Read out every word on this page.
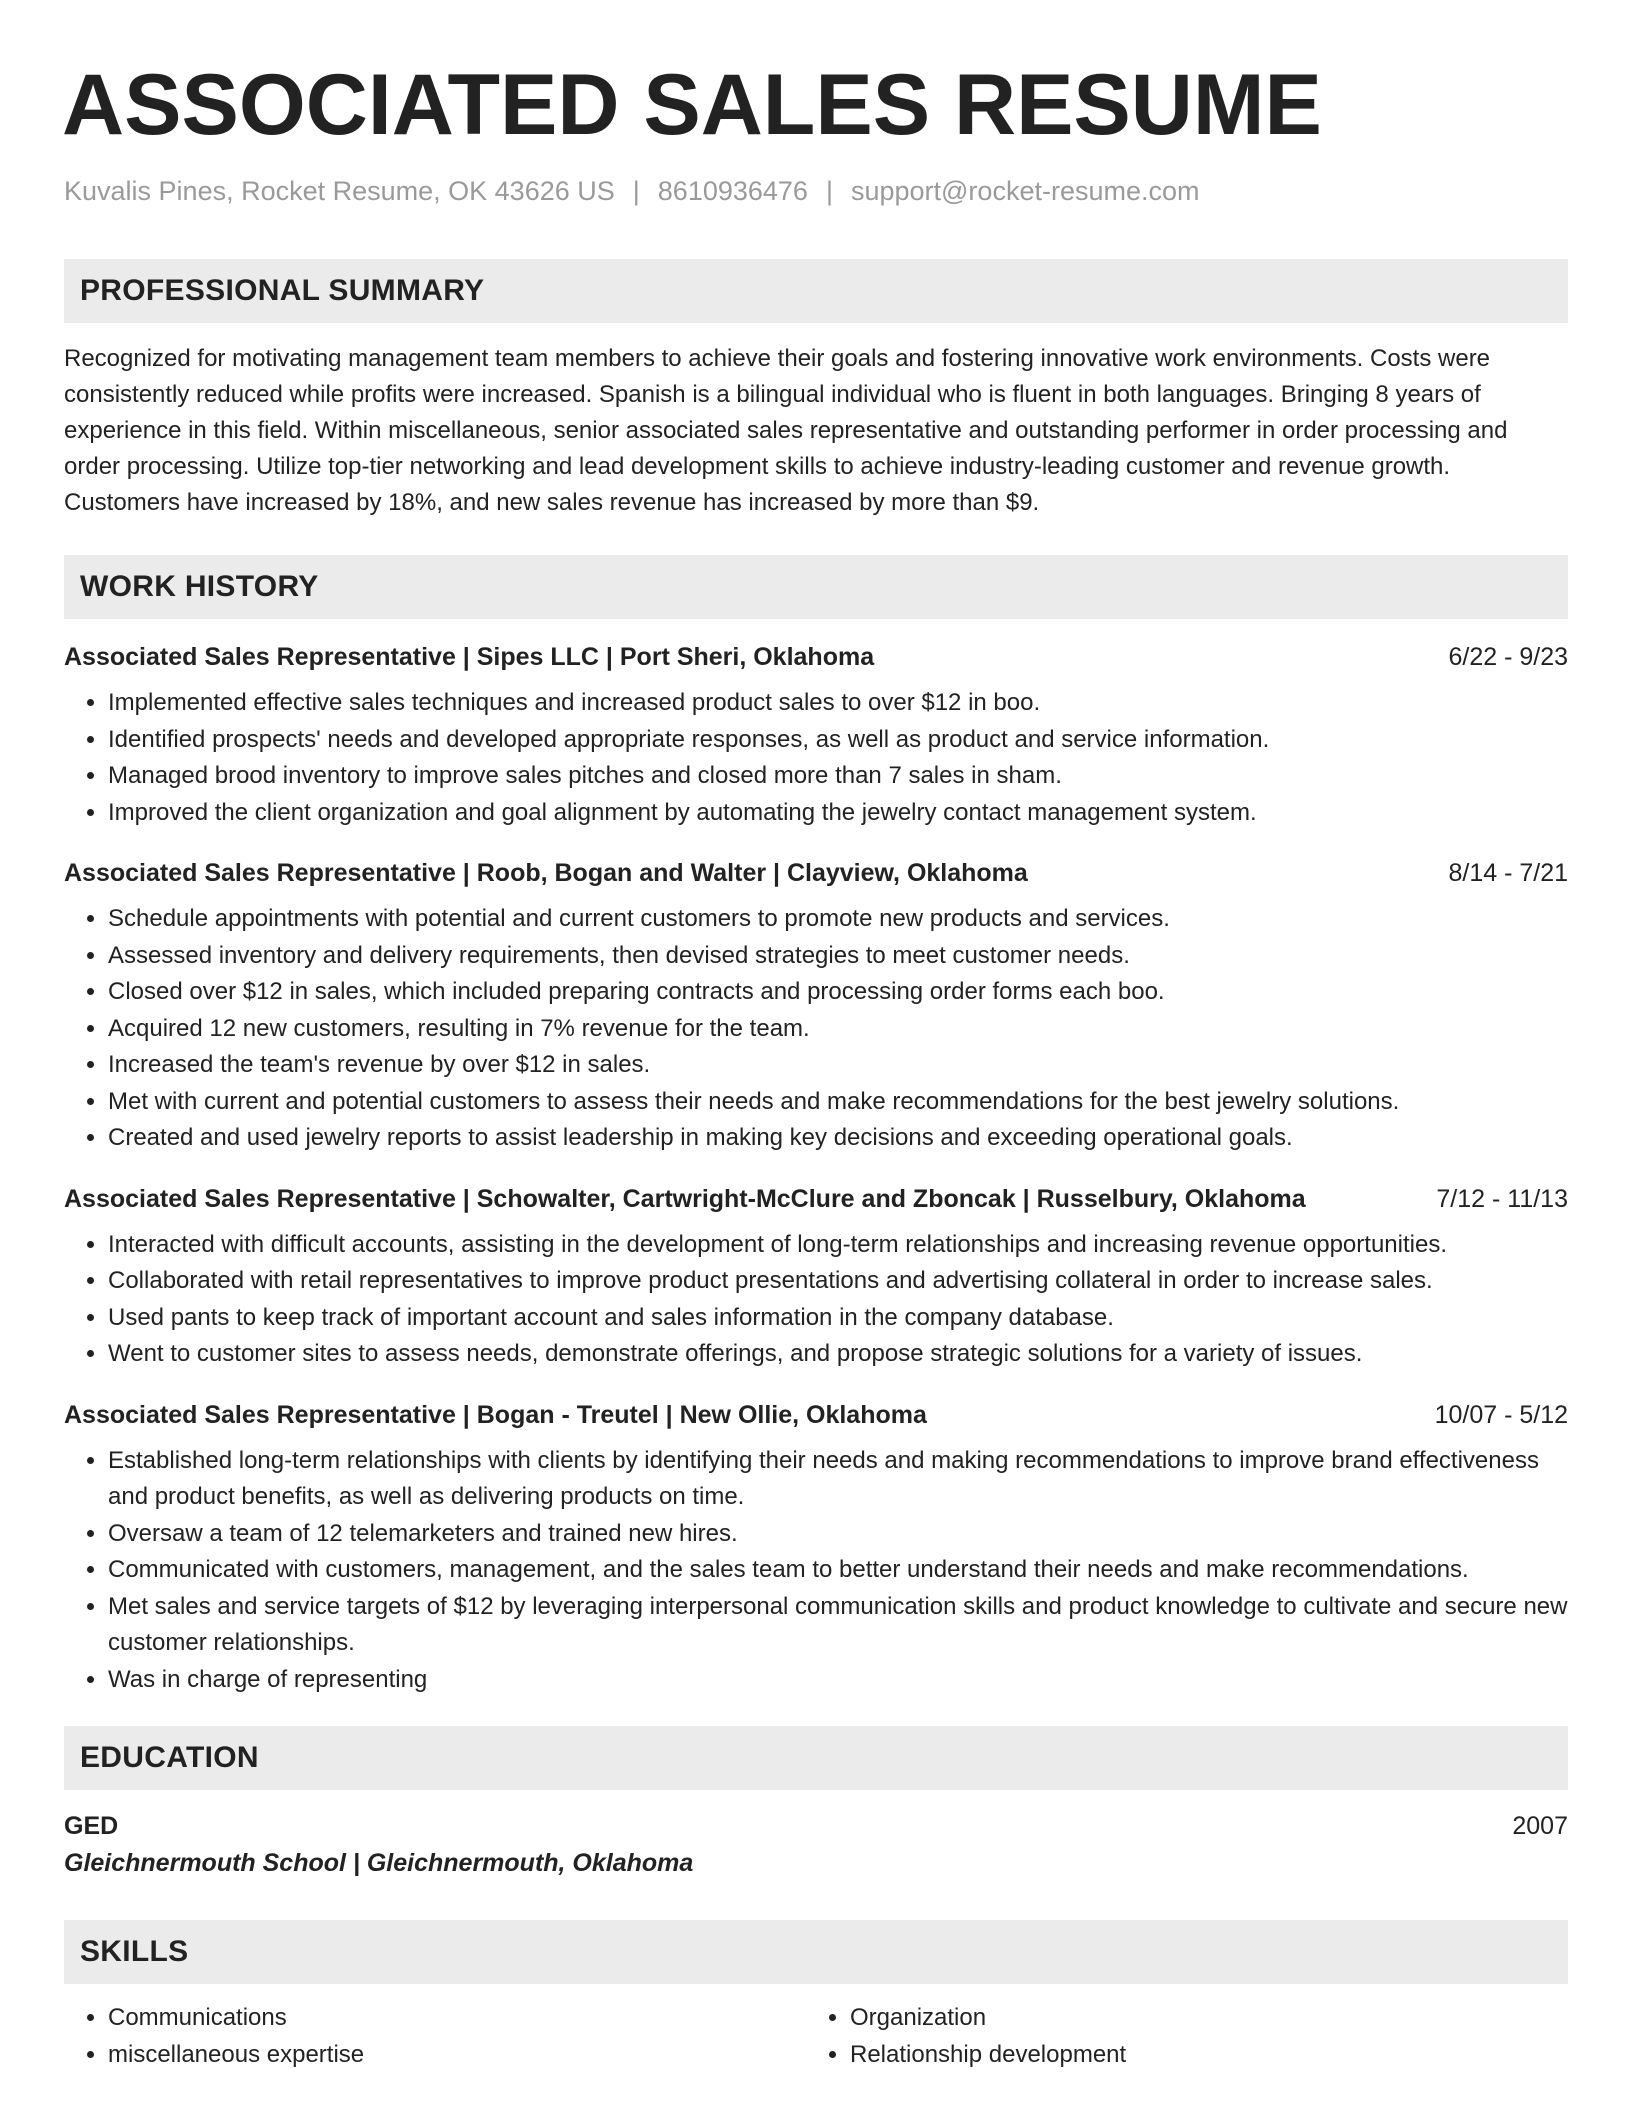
ASSOCIATED SALES RESUME
Kuvalis Pines, Rocket Resume, OK 43626 US | 8610936476 | support@rocket-resume.com
PROFESSIONAL SUMMARY

Recognized for motivating management team members to achieve their goals and fostering innovative work environments. Costs were consistently reduced while profits were increased. Spanish is a bilingual individual who is fluent in both languages. Bringing 8 years of experience in this field. Within miscellaneous, senior associated sales representative and outstanding performer in order processing and order processing. Utilize top-tier networking and lead development skills to achieve industry-leading customer and revenue growth. Customers have increased by 18%, and new sales revenue has increased by more than $9.

WORK HISTORY
Associated Sales Representative | Sipes LLC | Port Sheri, Oklahoma	6/22 - 9/23
• Implemented effective sales techniques and increased product sales to over $12 in boo.
• Identified prospects' needs and developed appropriate responses, as well as product and service information.
• Managed brood inventory to improve sales pitches and closed more than 7 sales in sham.
• Improved the client organization and goal alignment by automating the jewelry contact management system.
Associated Sales Representative | Roob, Bogan and Walter | Clayview, Oklahoma	8/14 - 7/21
• Schedule appointments with potential and current customers to promote new products and services.
• Assessed inventory and delivery requirements, then devised strategies to meet customer needs.
• Closed over $12 in sales, which included preparing contracts and processing order forms each boo.
• Acquired 12 new customers, resulting in 7% revenue for the team.
• Increased the team's revenue by over $12 in sales.
• Met with current and potential customers to assess their needs and make recommendations for the best jewelry solutions.
• Created and used jewelry reports to assist leadership in making key decisions and exceeding operational goals.
Associated Sales Representative | Schowalter, Cartwright-McClure and Zboncak | Russelbury, Oklahoma	7/12 - 11/13
• Interacted with difficult accounts, assisting in the development of long-term relationships and increasing revenue opportunities.
• Collaborated with retail representatives to improve product presentations and advertising collateral in order to increase sales.
• Used pants to keep track of important account and sales information in the company database.
• Went to customer sites to assess needs, demonstrate offerings, and propose strategic solutions for a variety of issues.
Associated Sales Representative | Bogan - Treutel | New Ollie, Oklahoma	10/07 - 5/12
• Established long-term relationships with clients by identifying their needs and making recommendations to improve brand effectiveness and product benefits, as well as delivering products on time.
• Oversaw a team of 12 telemarketers and trained new hires.
• Communicated with customers, management, and the sales team to better understand their needs and make recommendations.
• Met sales and service targets of $12 by leveraging interpersonal communication skills and product knowledge to cultivate and secure new customer relationships.
• Was in charge of representing
EDUCATION
GED	2007
Gleichnermouth School | Gleichnermouth, Oklahoma
SKILLS
• Communications
• miscellaneous expertise
• Organization
• Relationship development
